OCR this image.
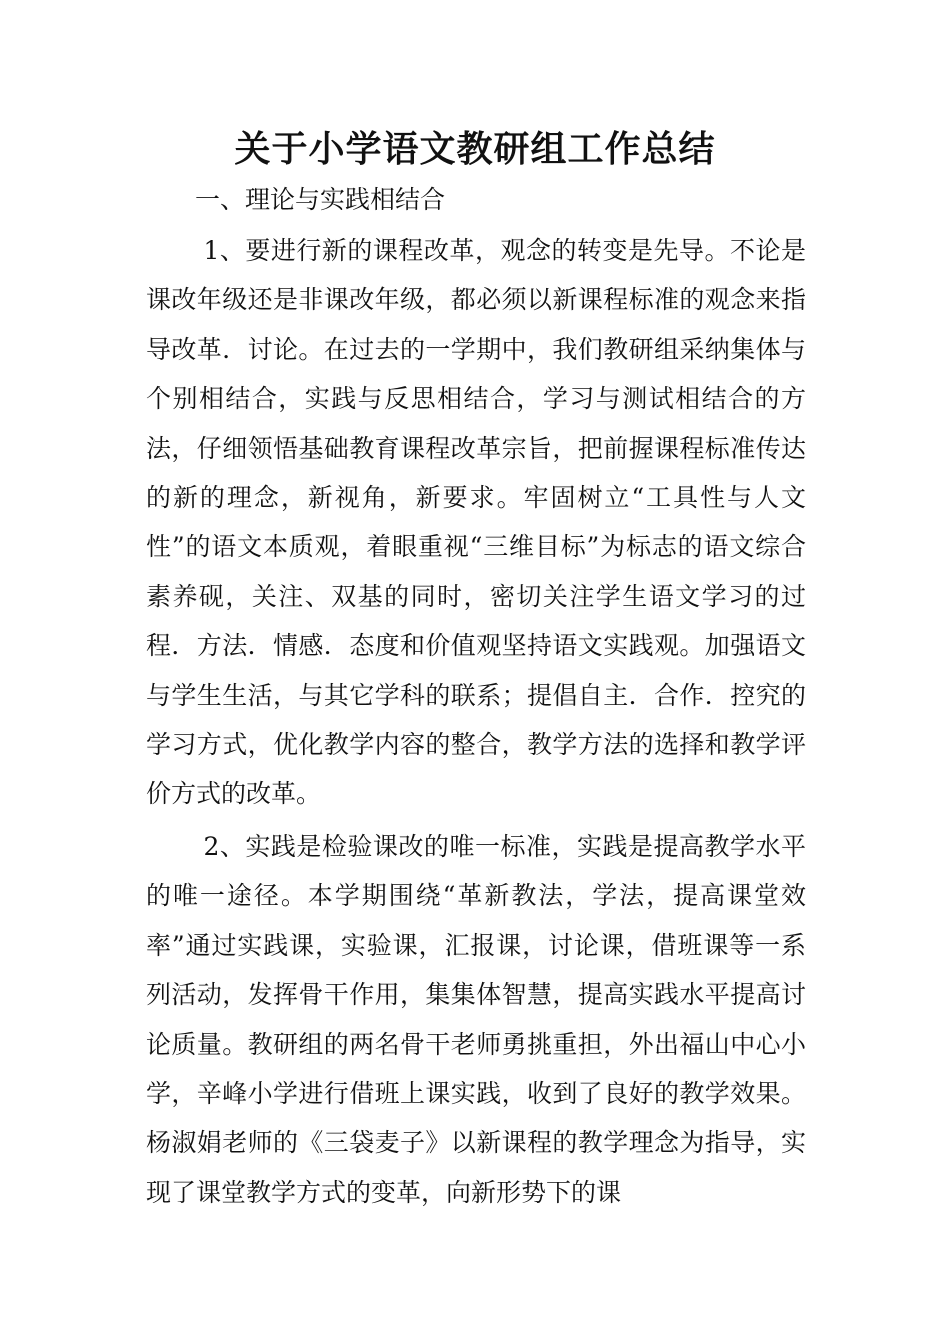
关于小学语文教研组工作总结

一、理论与实践相结合

1、要进行新的课程改革，观念的转变是先导。不论是课改年级还是非课改年级，都必须以新课程标准的观念来指导改革．讨论。在过去的一学期中，我们教研组采纳集体与个别相结合，实践与反思相结合，学习与测试相结合的方法，仔细领悟基础教育课程改革宗旨，把前握课程标准传达的新的理念，新视角，新要求。牢固树立“工具性与人文性”的语文本质观，着眼重视“三维目标”为标志的语文综合素养砚，关注、双基的同时，密切关注学生语文学习的过程．方法．情感．态度和价值观坚持语文实践观。加强语文与学生生活，与其它学科的联系；提倡自主．合作．控究的学习方式，优化教学内容的整合，教学方法的选择和教学评价方式的改革。

2、实践是检验课改的唯一标准，实践是提高教学水平的唯一途径。本学期围绕“革新教法，学法，提高课堂效率”通过实践课，实验课，汇报课，讨论课，借班课等一系列活动，发挥骨干作用，集集体智慧，提高实践水平提高讨论质量。教研组的两名骨干老师勇挑重担，外出福山中心小学，辛峰小学进行借班上课实践，收到了良好的教学效果。杨淑娟老师的《三袋麦子》以新课程的教学理念为指导，实现了课堂教学方式的变革，向新形势下的课
